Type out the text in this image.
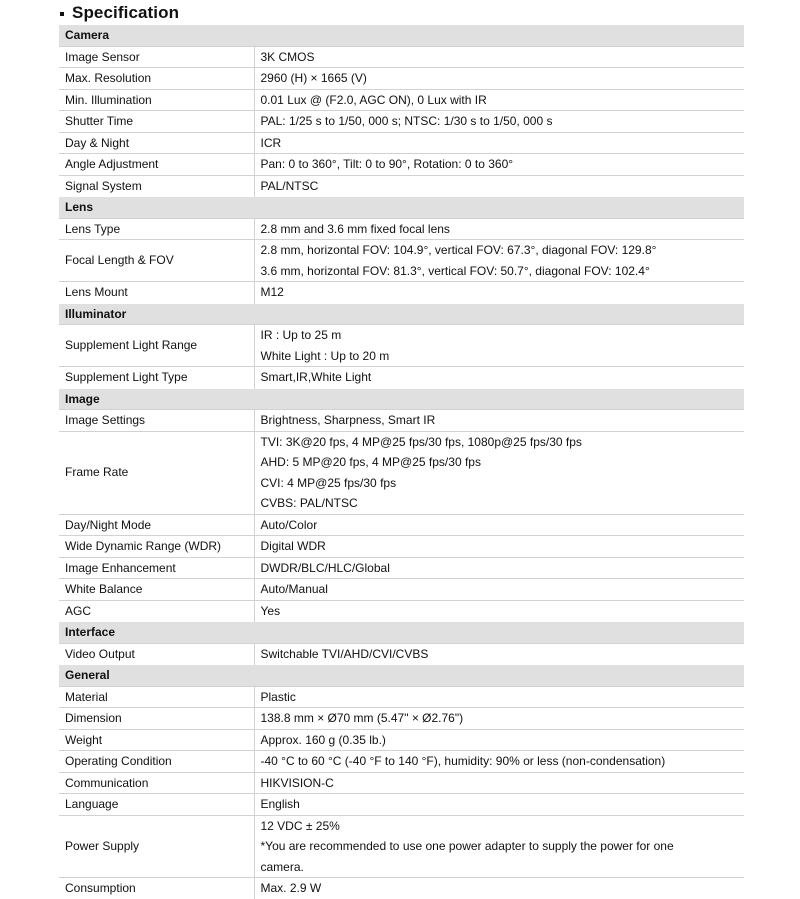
Specification
Camera	
Image Sensor	3K CMOS

Max. Resolution	2960 (H) × 1665 (V)

Min. Illumination	0.01 Lux @ (F2.0, AGC ON), 0 Lux with IR

Shutter Time	PAL: 1/25 s to 1/50, 000 s; NTSC: 1/30 s to 1/50, 000 s

Day & Night	ICR

Angle Adjustment	Pan: 0 to 360°, Tilt: 0 to 90°, Rotation: 0 to 360°

Signal System	PAL/NTSC

Lens	
Lens Type	2.8 mm and 3.6 mm fixed focal lens

Focal Length & FOV	2.8 mm, horizontal FOV: 104.9°, vertical FOV: 67.3°, diagonal FOV: 129.8°
3.6 mm, horizontal FOV: 81.3°, vertical FOV: 50.7°, diagonal FOV: 102.4°

Lens Mount	M12

Illuminator	
Supplement Light Range	IR : Up to 25 m
White Light : Up to 20 m

Supplement Light Type	Smart,IR,White Light

Image	
Image Settings	Brightness, Sharpness, Smart IR

Frame Rate	TVI: 3K@20 fps, 4 MP@25 fps/30 fps, 1080p@25 fps/30 fps
AHD: 5 MP@20 fps, 4 MP@25 fps/30 fps
CVI: 4 MP@25 fps/30 fps
CVBS: PAL/NTSC

Day/Night Mode	Auto/Color

Wide Dynamic Range (WDR)	Digital WDR

Image Enhancement	DWDR/BLC/HLC/Global

White Balance	Auto/Manual

AGC	Yes

Interface	
Video Output	Switchable TVI/AHD/CVI/CVBS

General	
Material	Plastic

Dimension	138.8 mm × Ø70 mm (5.47" × Ø2.76")

Weight	Approx. 160 g (0.35 lb.)

Operating Condition	-40 °C to 60 °C (-40 °F to 140 °F), humidity: 90% or less (non-condensation)

Communication	HIKVISION-C

Language	English

Power Supply	12 VDC ± 25%
*You are recommended to use one power adapter to supply the power for one
camera.

Consumption	Max. 2.9 W
